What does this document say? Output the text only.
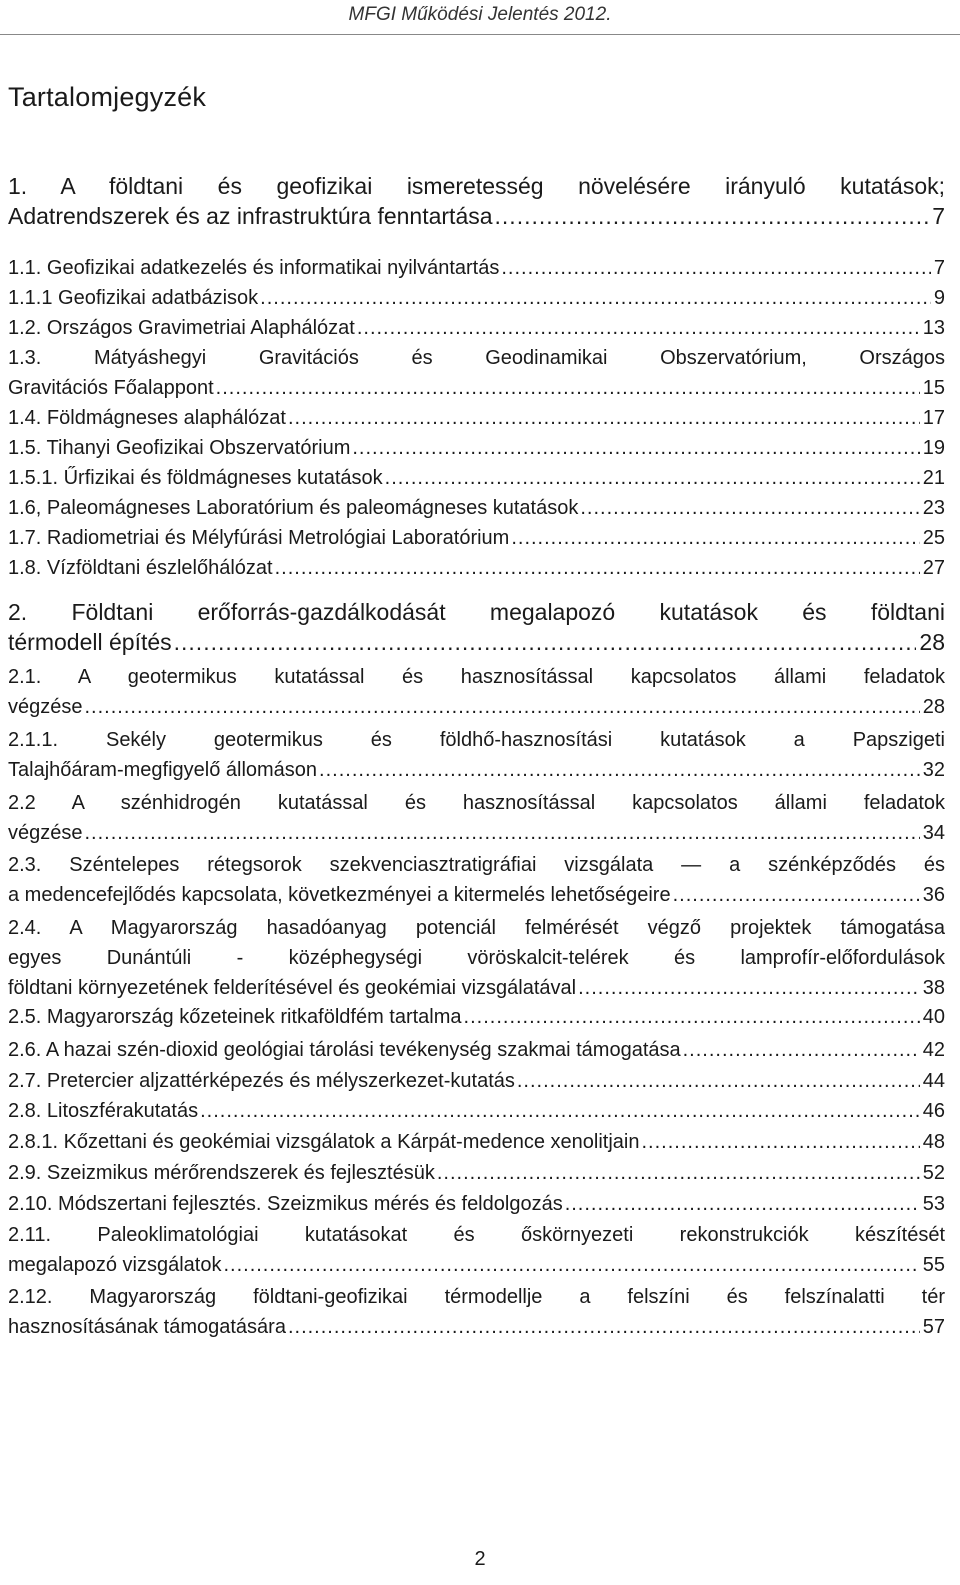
MFGI Működési Jelentés 2012.
Tartalomjegyzék
1. A földtani és geofizikai ismeretesség növelésére irányuló kutatások;
Adatrendszerek és az infrastruktúra fenntartása .....	7
1.1. Geofizikai adatkezelés és informatikai nyilvántartás .....	7
1.1.1 Geofizikai adatbázisok .....	9
1.2. Országos Gravimetriai Alaphálózat .....	13
1.3. Mátyáshegyi Gravitációs és Geodinamikai Obszervatórium, Országos
Gravitációs Főalappont .....	15
1.4. Földmágneses alaphálózat .....	17
1.5. Tihanyi Geofizikai Obszervatórium .....	19
1.5.1. Űrfizikai és földmágneses kutatások .....	21
1.6, Paleomágneses Laboratórium és paleomágneses kutatások .....	23
1.7. Radiometriai és Mélyfúrási Metrológiai Laboratórium .....	25
1.8. Vízföldtani észlelőhálózat .....	27
2. Földtani erőforrás-gazdálkodását megalapozó kutatások és földtani
térmodell építés .....	28
2.1. A geotermikus kutatással és hasznosítással kapcsolatos állami feladatok
végzése .....	28
2.1.1. Sekély geotermikus és földhő-hasznosítási kutatások a Papszigeti
Talajhőáram-megfigyelő állomáson .....	32
2.2 A szénhidrogén kutatással és hasznosítással kapcsolatos állami feladatok
végzése .....	34
2.3. Széntelepes rétegsorok szekvenciasztratigráfiai vizsgálata — a szénképződés és
a medencefejlődés kapcsolata, következményei a kitermelés lehetőségeire .....	36
2.4. A Magyarország hasadóanyag potenciál felmérését végző projektek támogatása
egyes Dunántúli - középhegységi vöröskalcit-telérek és lamprofír-előfordulások
földtani környezetének felderítésével és geokémiai vizsgálatával .....	38
2.5. Magyarország kőzeteinek ritkaföldfém tartalma .....	40
2.6. A hazai szén-dioxid geológiai tárolási tevékenység szakmai támogatása .....	42
2.7. Pretercier aljzattérképezés és mélyszerkezet-kutatás .....	44
2.8. Litoszférakutatás .....	46
2.8.1. Kőzettani és geokémiai vizsgálatok a Kárpát-medence xenolitjain .....	48
2.9. Szeizmikus mérőrendszerek és fejlesztésük .....	52
2.10. Módszertani fejlesztés. Szeizmikus mérés és feldolgozás .....	53
2.11. Paleoklimatológiai kutatásokat és őskörnyezeti rekonstrukciók készítését
megalapozó vizsgálatok .....	55
2.12. Magyarország földtani-geofizikai térmodellje a felszíni és felszínalatti tér
hasznosításának támogatására .....	57
2
